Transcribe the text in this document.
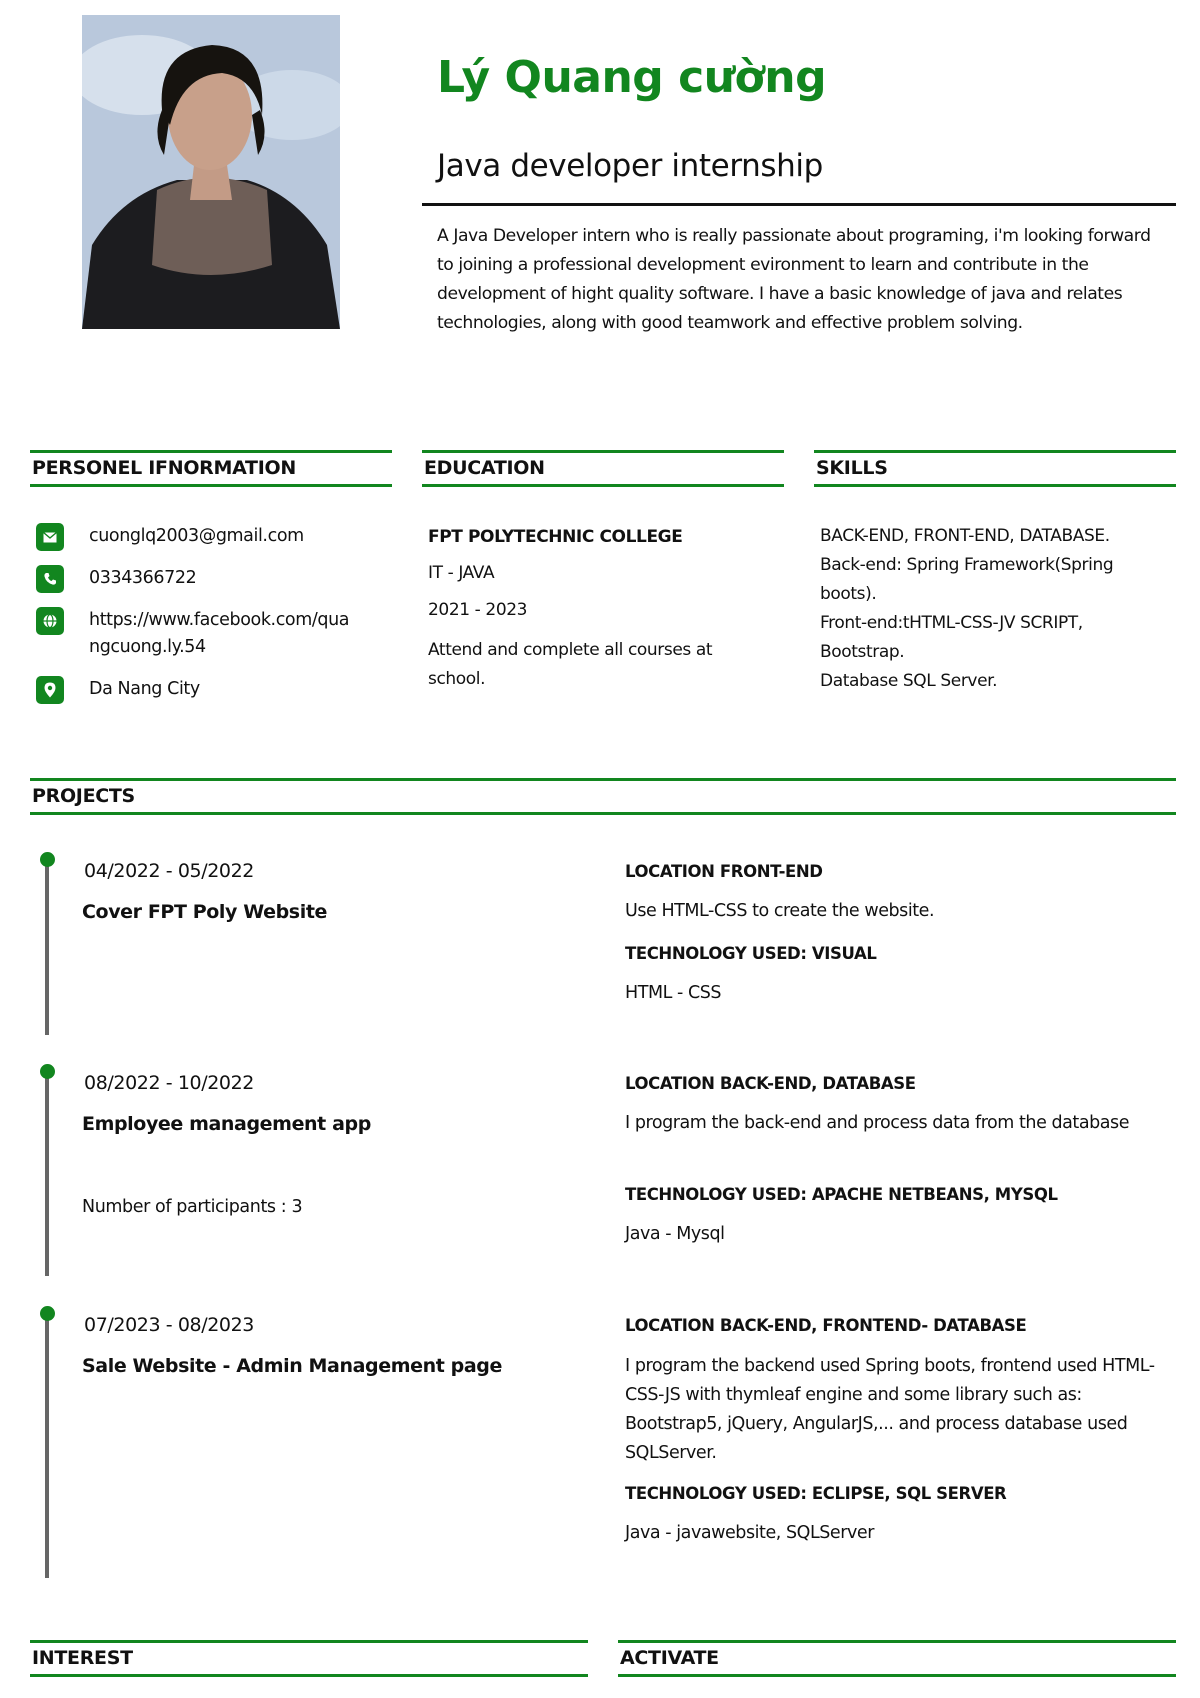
Lý Quang cường
Java developer internship
A Java Developer intern who is really passionate about programing, i'm looking forward to joining a professional development evironment to learn and contribute in the development of hight quality software. I have a basic knowledge of java and relates technologies, along with good teamwork and effective problem solving.
PERSONEL IFNORMATION
cuonglq2003@gmail.com
0334366722
https://www.facebook.com/qua
ngcuong.ly.54
Da Nang City
EDUCATION
FPT POLYTECHNIC COLLEGE
IT - JAVA
2021 - 2023
Attend and complete all courses at
school.
SKILLS
BACK-END, FRONT-END, DATABASE.
Back-end: Spring Framework(Spring
boots).
Front-end:tHTML-CSS-JV SCRIPT,
Bootstrap.
Database SQL Server.
PROJECTS
04/2022 - 05/2022
Cover FPT Poly Website
LOCATION FRONT-END
Use HTML-CSS to create the website.
TECHNOLOGY USED: VISUAL
HTML - CSS
08/2022 - 10/2022
Employee management app
Number of participants : 3
LOCATION BACK-END, DATABASE
I program the back-end and process data from the database
TECHNOLOGY USED: APACHE NETBEANS, MYSQL
Java - Mysql
07/2023 - 08/2023
Sale Website - Admin Management page
LOCATION BACK-END, FRONTEND- DATABASE
I program the backend used Spring boots, frontend used HTML-CSS-JS with thymleaf engine and some library such as: Bootstrap5, jQuery, AngularJS,... and process database used SQLServer.
TECHNOLOGY USED: ECLIPSE, SQL SERVER
Java - javawebsite, SQLServer
INTEREST	ACTIVATE
